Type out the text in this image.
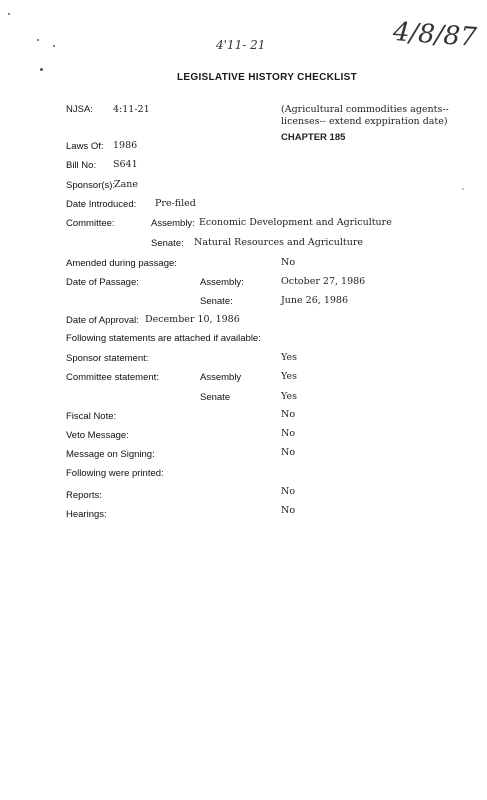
4'11- 21	4/8/87
LEGISLATIVE HISTORY CHECKLIST
NJSA: 4:11-21	(Agricultural commodities agents--
licenses-- extend exppiration date)
CHAPTER 185
Laws Of: 1986
Bill No: S641
Sponsor(s):
Zane
Date Introduced: Pre-filed
Committee:	Assembly: Economic Development and Agriculture
Senate: Natural Resources and Agriculture
Amended during passage:	No
Date of Passage:	Assembly:	October 27, 1986
Senate:	June 26, 1986
Date of Approval: December 10, 1986
Following statements are attached if available:
Sponsor statement:	Yes
Committee statement:	Assembly	Yes
Senate	Yes
Fiscal Note:	No
Veto Message:	No
Message on Signing:	No
Following were printed:
Reports:	No
Hearings:	No
